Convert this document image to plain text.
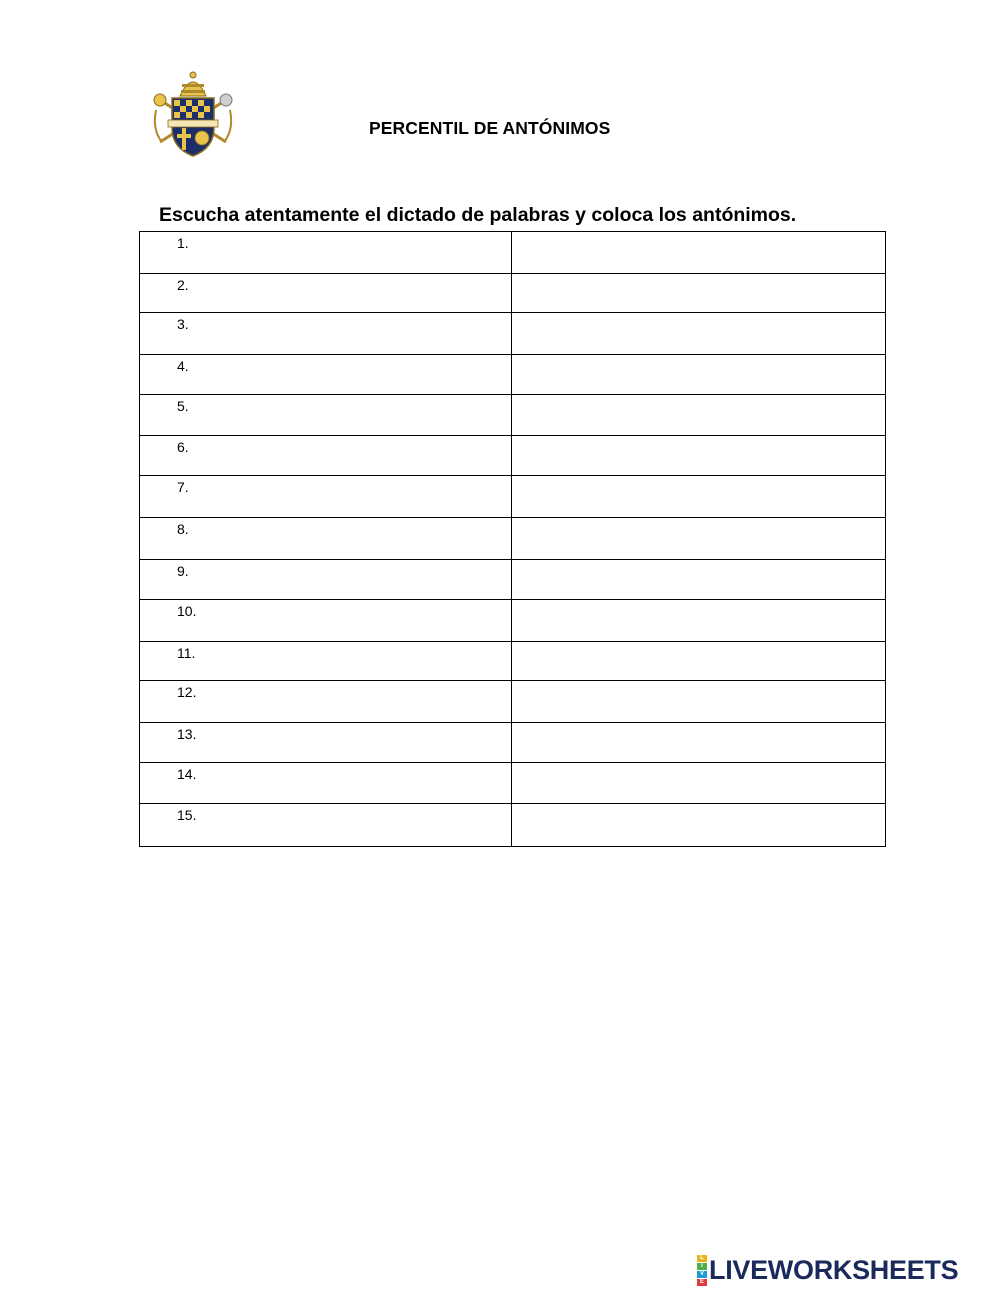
PERCENTIL DE ANTÓNIMOS
Escucha atentamente el dictado de palabras y coloca los antónimos.
1.	
2.	
3.	
4.	
5.	
6.	
7.	
8.	
9.	
10.	
11.	
12.	
13.	
14.	
15.	
L
I
V
E LIVEWORKSHEETS
